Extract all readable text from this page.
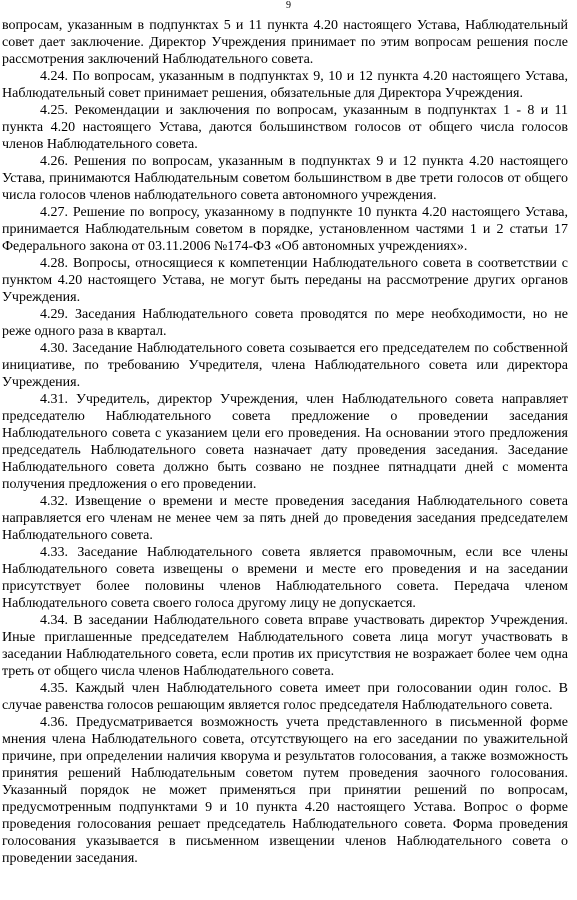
9

вопросам, указанным в подпунктах 5 и 11 пункта 4.20 настоящего Устава, Наблюдательный совет дает заключение. Директор Учреждения принимает по этим вопросам решения после рассмотрения заключений Наблюдательного совета.

4.24. По вопросам, указанным в подпунктах 9, 10 и 12 пункта 4.20 настоящего Устава, Наблюдательный совет принимает решения, обязательные для Директора Учреждения.

4.25. Рекомендации и заключения по вопросам, указанным в подпунктах 1 - 8 и 11 пункта 4.20 настоящего Устава, даются большинством голосов от общего числа голосов членов Наблюдательного совета.

4.26. Решения по вопросам, указанным в подпунктах 9 и 12 пункта 4.20 настоящего Устава, принимаются Наблюдательным советом большинством в две трети голосов от общего числа голосов членов наблюдательного совета автономного учреждения.

4.27. Решение по вопросу, указанному в подпункте 10 пункта 4.20 настоящего Устава, принимается Наблюдательным советом в порядке, установленном частями 1 и 2 статьи 17 Федерального закона от 03.11.2006 №174-ФЗ «Об автономных учреждениях».

4.28. Вопросы, относящиеся к компетенции Наблюдательного совета в соответствии с пунктом 4.20 настоящего Устава, не могут быть переданы на рассмотрение других органов Учреждения.

4.29. Заседания Наблюдательного совета проводятся по мере необходимости, но не реже одного раза в квартал.

4.30. Заседание Наблюдательного совета созывается его председателем по собственной инициативе, по требованию Учредителя, члена Наблюдательного совета или директора Учреждения.

4.31. Учредитель, директор Учреждения, член Наблюдательного совета направляет председателю Наблюдательного совета предложение о проведении заседания Наблюдательного совета с указанием цели его проведения. На основании этого предложения председатель Наблюдательного совета назначает дату проведения заседания. Заседание Наблюдательного совета должно быть созвано не позднее пятнадцати дней с момента получения предложения о его проведении.

4.32. Извещение о времени и месте проведения заседания Наблюдательного совета направляется его членам не менее чем за пять дней до проведения заседания председателем Наблюдательного совета.

4.33. Заседание Наблюдательного совета является правомочным, если все члены Наблюдательного совета извещены о времени и месте его проведения и на заседании присутствует более половины членов Наблюдательного совета. Передача членом Наблюдательного совета своего голоса другому лицу не допускается.

4.34. В заседании Наблюдательного совета вправе участвовать директор Учреждения. Иные приглашенные председателем Наблюдательного совета лица могут участвовать в заседании Наблюдательного совета, если против их присутствия не возражает более чем одна треть от общего числа членов Наблюдательного совета.

4.35. Каждый член Наблюдательного совета имеет при голосовании один голос. В случае равенства голосов решающим является голос председателя Наблюдательного совета.

4.36. Предусматривается возможность учета представленного в письменной форме мнения члена Наблюдательного совета, отсутствующего на его заседании по уважительной причине, при определении наличия кворума и результатов голосования, а также возможность принятия решений Наблюдательным советом путем проведения заочного голосования. Указанный порядок не может применяться при принятии решений по вопросам, предусмотренным подпунктами 9 и 10 пункта 4.20 настоящего Устава. Вопрос о форме проведения голосования решает председатель Наблюдательного совета. Форма проведения голосования указывается в письменном извещении членов Наблюдательного совета о проведении заседания.
